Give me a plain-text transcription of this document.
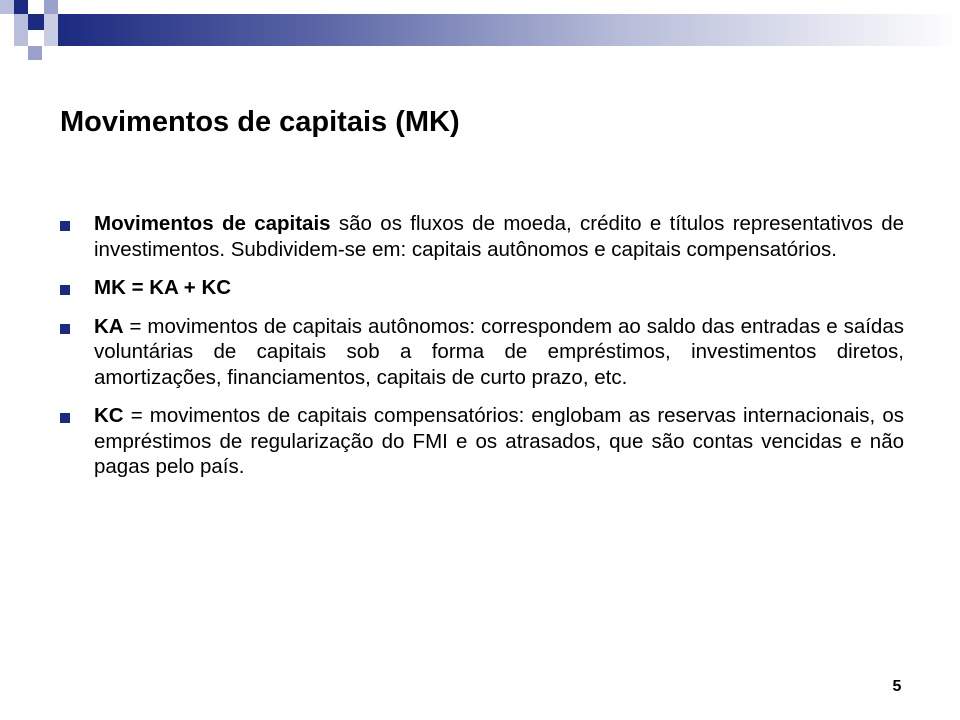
Movimentos de capitais (MK)
Movimentos de capitais são os fluxos de moeda, crédito e títulos representativos de investimentos. Subdividem-se em: capitais autônomos e capitais compensatórios.
MK = KA + KC
KA = movimentos de capitais autônomos: correspondem ao saldo das entradas e saídas voluntárias de capitais sob a forma de empréstimos, investimentos diretos, amortizações, financiamentos, capitais de curto prazo, etc.
KC = movimentos de capitais compensatórios: englobam as reservas internacionais, os empréstimos de regularização do FMI e os atrasados, que são contas vencidas e não pagas pelo país.
5
